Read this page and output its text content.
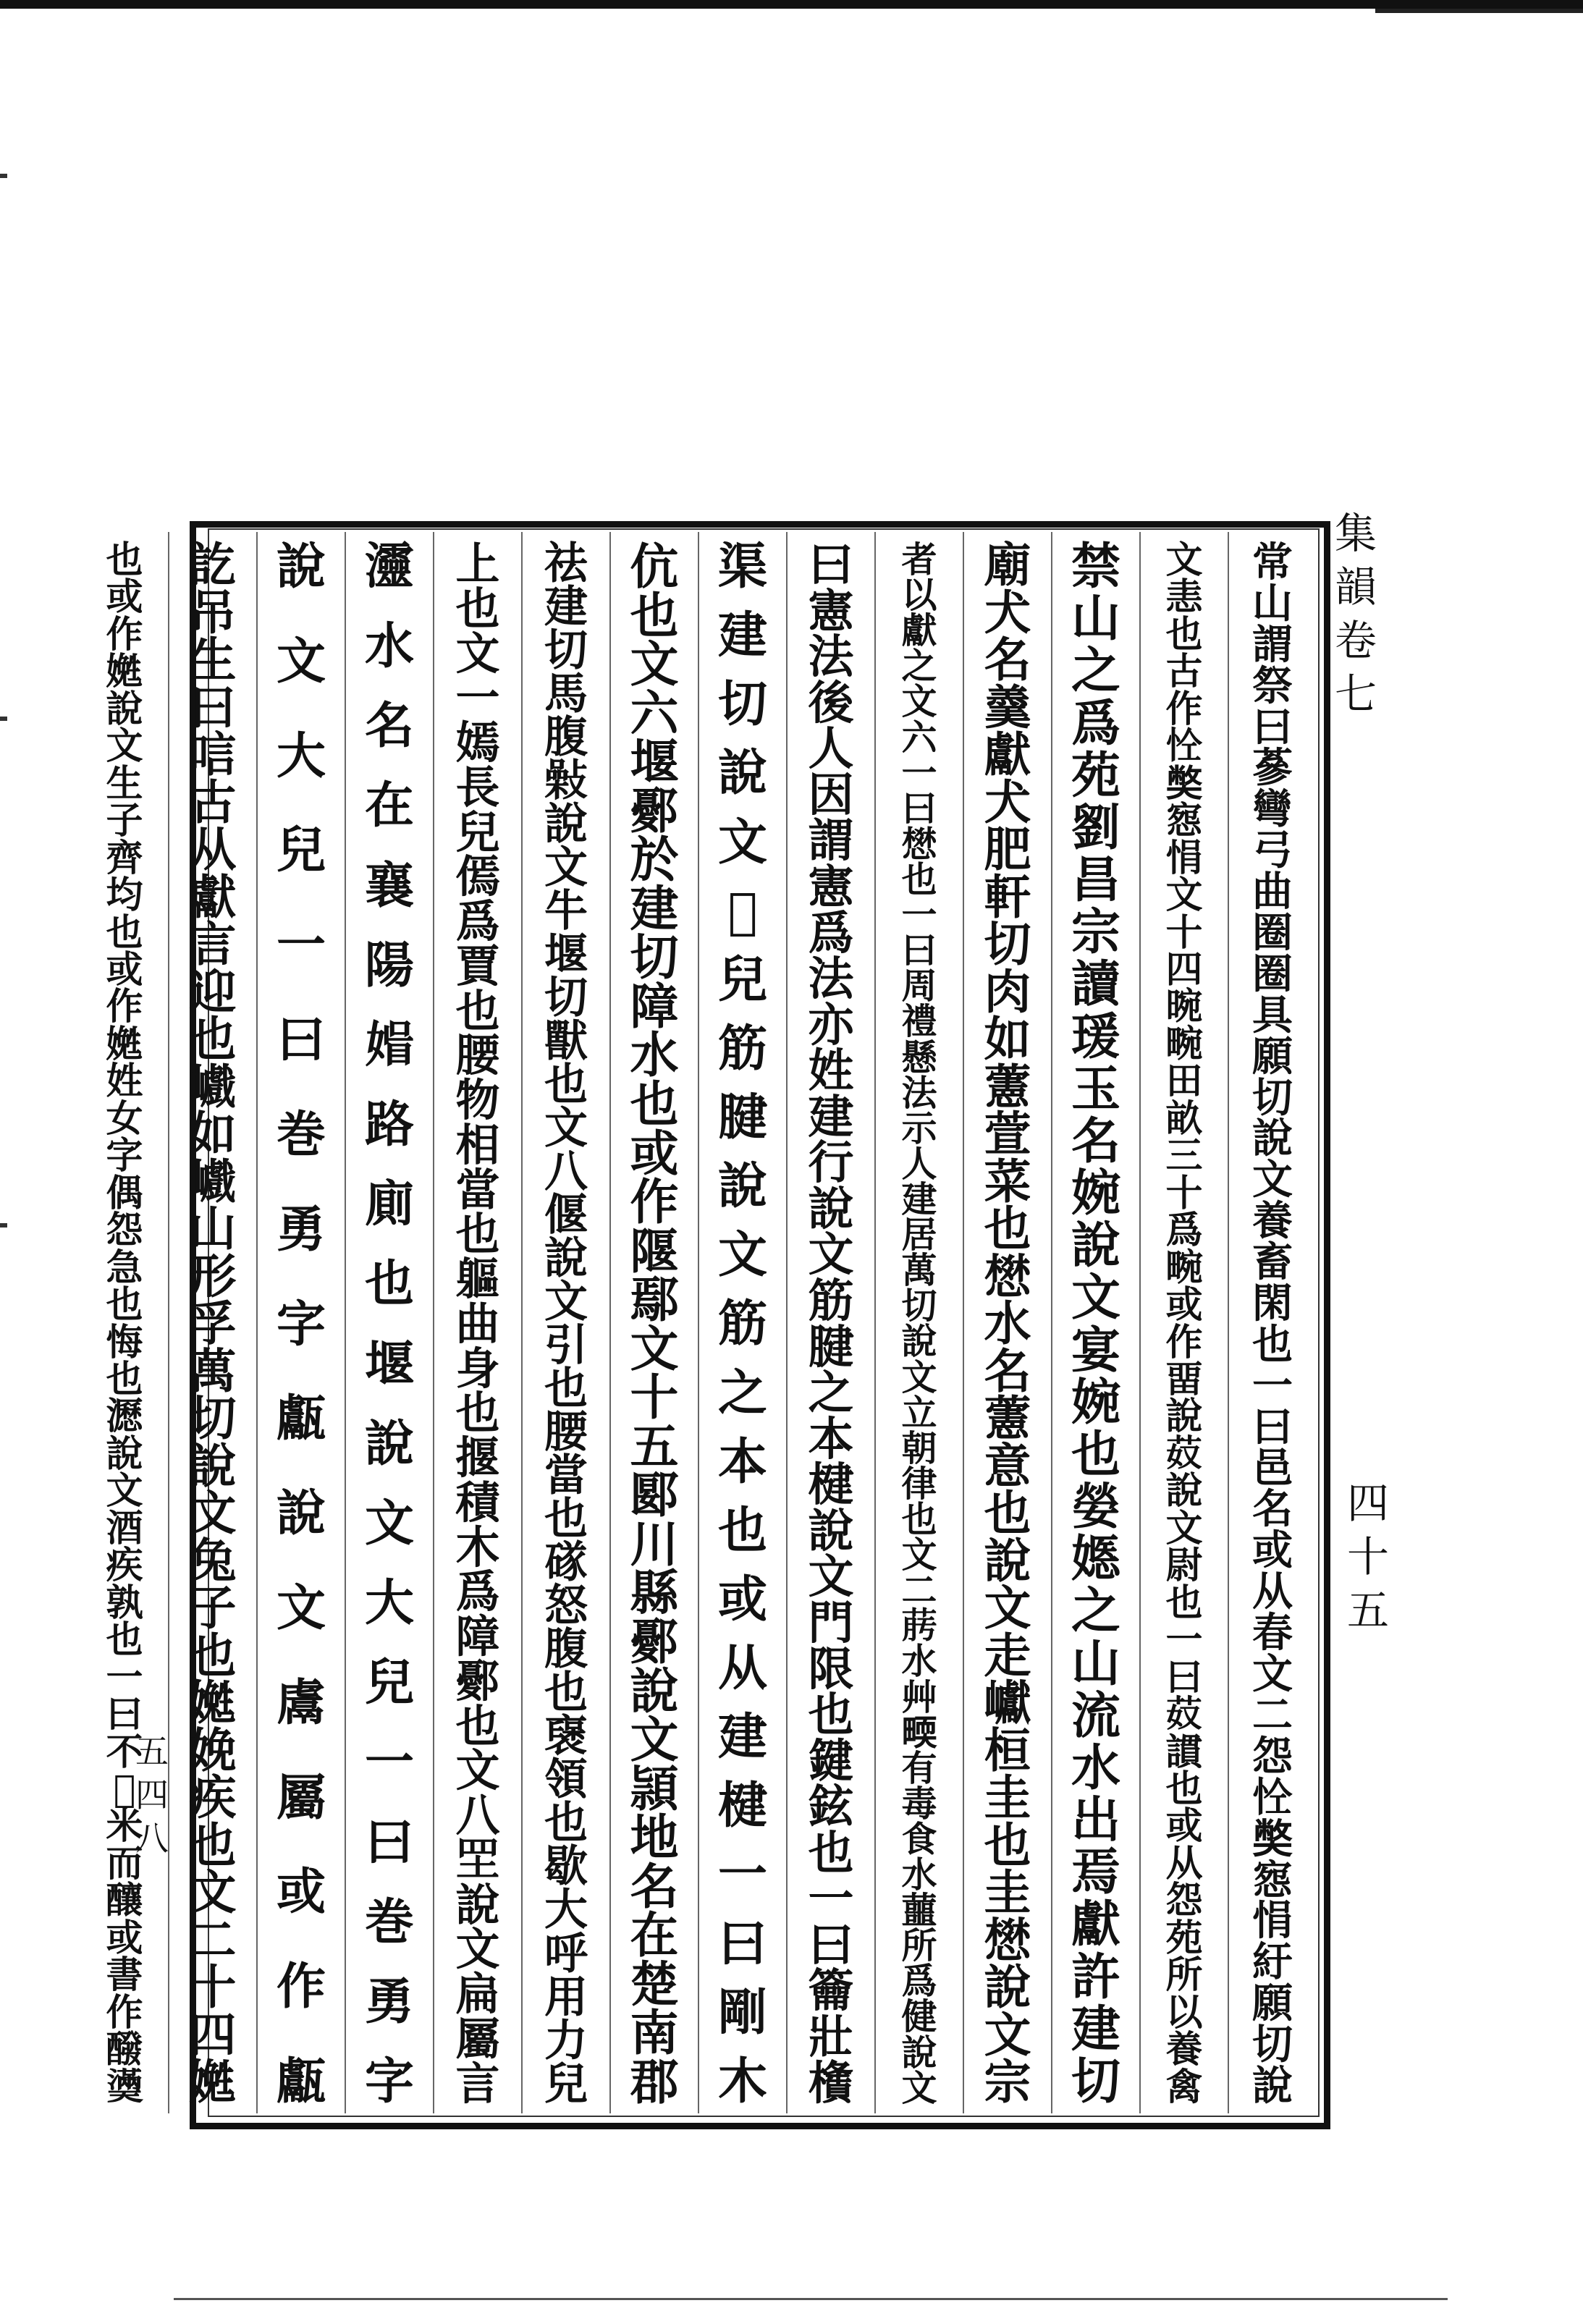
集
韻
卷
七
四
十
五
常
山
謂
祭
曰
蔘
彎
弓
曲
圈
圈
具
願
切
說
文
養
畜
閑
也
一
曰
邑
名
或
从
春
文
二
怨
𢘐
𡚁
惌
悁
紆
願
切
說
文
恚
也
古
作
𢘐
𡚁
惌
悁
文
十
四
晼
畹
田
畝
三
十
爲
畹
或
作
畱
說
𦬻
說
文
尉
也
一
曰
𦬻
謴
也
或
从
怨
苑
所
以
養
禽
禁
山
之
爲
苑
劉
昌
宗
讀
瑗
玉
名
婉
說
文
宴
婉
也
嫈
嫕
之
山
流
水
出
焉
獻
許
建
切
廟
犬
名
羹
獻
犬
肥
軒
切
肉
如
藼
萱
菜
也
𢡟
水
名
藼
意
也
說
文
走
巘
桓
圭
也
圭
𢡟
說
文
宗
者
以
獻
之
文
六
一
曰
𢡟
也
一
曰
周
禮
懸
法
示
人
建
居
萬
切
說
文
立
朝
律
也
文
二
𦯟
水
艸
𤲬
有
毒
食
水
蘁
所
爲
健
說
文
曰
憲
法
後
人
因
謂
憲
爲
法
亦
姓
建
行
說
文
筋
腱
之
本
楗
說
文
門
限
也
鍵
鉉
也
一
曰
籥
壯
㯯
渠
建
切
說
文
𨘏
兒
筋
腱
說
文
筋
之
本
也
或
从
建
楗
一
曰
剛
木
伉
也
文
六
堰
鄾
於
建
切
障
水
也
或
作
隁
鄢
文
十
五
郾
川
縣
鄾
說
文
頴
地
名
在
楚
南
郡
祛
建
切
馬
腹
𢿾
說
文
牛
堰
切
獸
也
文
八
偃
說
文
引
也
腰
當
也
䃍
怒
腹
也
襃
領
也
歇
大
呼
用
力
兒
上
也
文
一
嫣
長
兒
傿
爲
賈
也
腰
物
相
當
也
軀
曲
身
也
揠
積
木
爲
障
鄾
也
文
八
𦉷
說
文
扁
屬
言
𤅷
水
名
在
襄
陽
𡟤
路
廁
也
堰
說
文
大
兒
一
曰
巻
勇
字
說
文
大
兒
一
曰
巻
勇
字
甗
說
文
鬳
屬
或
作
甗
訖
吊
生
曰
唁
古
从
獻
言
迎
也
巇
如
巇
山
形
孚
萬
切
說
文
兔
子
也
嬔
娩
疾
也
文
二
十
四
嬎
也
或
作
嬎
說
文
生
子
齊
均
也
或
作
嬎
姓
女
字
偶
怨
急
也
悔
也
𤃉
說
文
酒
疾
孰
也
一
曰
不
𨤸
米
而
釀
或
書
作
醱
𤂀
五
四
八
